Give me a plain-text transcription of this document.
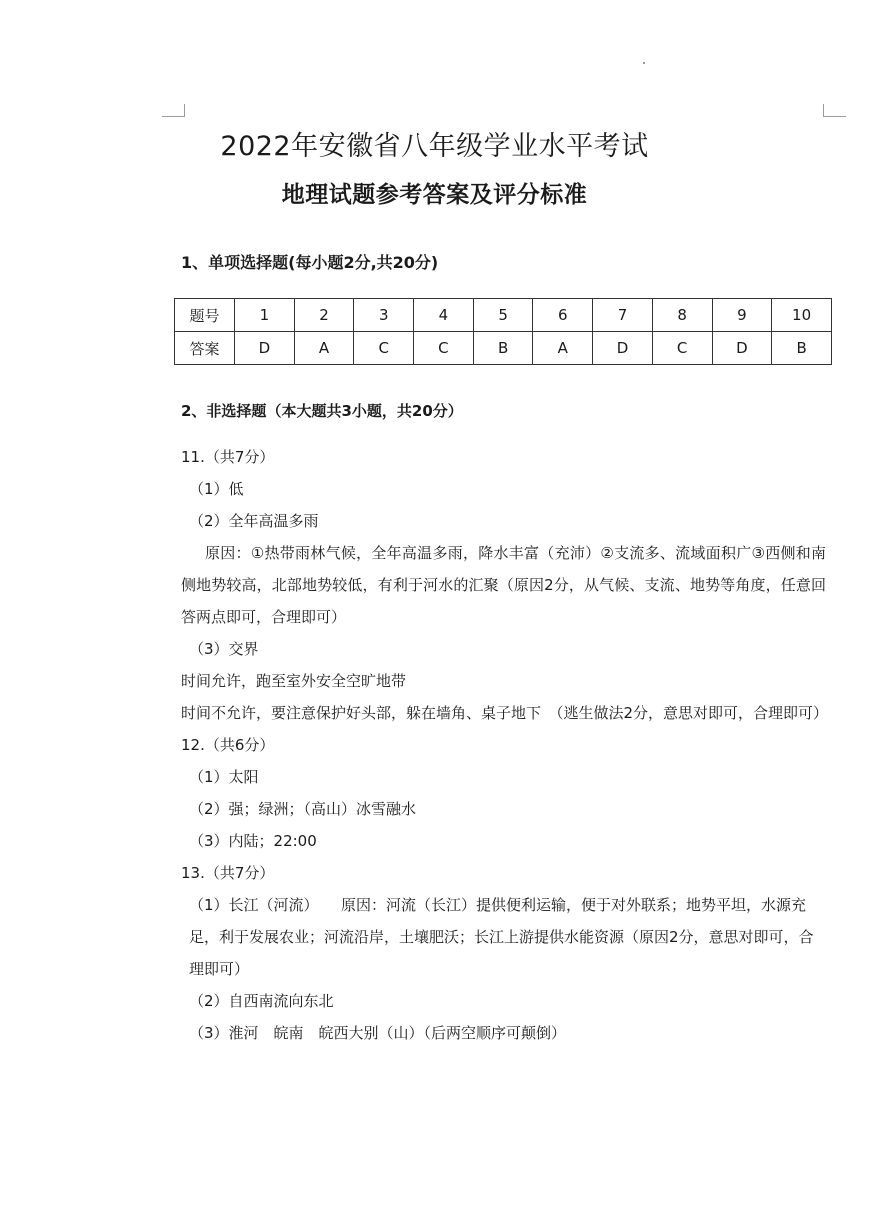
2022年安徽省八年级学业水平考试
地理试题参考答案及评分标准
1、单项选择题(每小题2分,共20分)
题号	1	2	3	4	5	6	7	8	9	10
答案	D	A	C	C	B	A	D	C	D	B
2、非选择题（本大题共3小题，共20分）

11.（共7分）

（1）低

（2）全年高温多雨

原因：①热带雨林气候，全年高温多雨，降水丰富（充沛）②支流多、流域面积广③西侧和南侧地势较高，北部地势较低，有利于河水的汇聚（原因2分，从气候、支流、地势等角度，任意回答两点即可，合理即可）

（3）交界

时间允许，跑至室外安全空旷地带

时间不允许，要注意保护好头部，躲在墙角、桌子地下　（逃生做法2分，意思对即可，合理即可）

12.（共6分）

（1）太阳

（2）强；绿洲；（高山）冰雪融水

（3）内陆；22:00

13.（共7分）

（1）长江（河流）　　原因：河流（长江）提供便利运输，便于对外联系；地势平坦，水源充足，利于发展农业；河流沿岸，土壤肥沃；长江上游提供水能资源（原因2分，意思对即可，合理即可）

（2）自西南流向东北

（3）淮河　皖南　皖西大别（山）（后两空顺序可颠倒）
